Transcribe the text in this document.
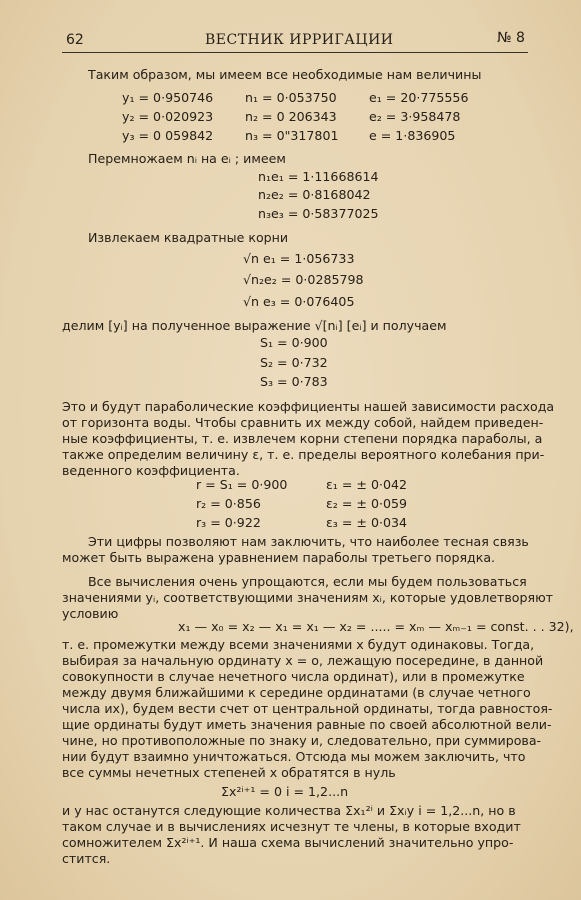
62	ВЕСТНИК ИРРИГАЦИИ	№ 8
Таким образом, мы имеем все необходимые нам величины
y₁ = 0·950746	n₁ = 0·053750	e₁ = 20·775556
y₂ = 0·020923	n₂ = 0 206343	e₂ = 3·958478
y₃ = 0 059842	n₃ = 0"317801 e = 1·836905
Перемножаем nᵢ на eᵢ ; имеем
n₁e₁ = 1·11668614
n₂e₂ = 0·8168042
n₃e₃ = 0·58377025
Извлекаем квадратные корни
√n e₁ = 1·056733
√n₂e₂ = 0·0285798
√n e₃ = 0·076405
делим [yᵢ] на полученное выражение √[nᵢ] [eᵢ] и получаем
S₁ = 0·900
S₂ = 0·732
S₃ = 0·783
Это и будут параболические коэффициенты нашей зависимости расхода
от горизонта воды. Чтобы сравнить их между собой, найдем приведен-
ные коэффициенты, т. е. извлечем корни степени порядка параболы, а
также определим величину ε, т. е. пределы вероятного колебания при-
веденного коэффициента.
r = S₁ = 0·900	ε₁ = ± 0·042
r₂ = 0·856	ε₂ = ± 0·059
r₃ = 0·922	ε₃ = ± 0·034
Эти цифры позволяют нам заключить, что наиболее тесная связь
может быть выражена уравнением параболы третьего порядка.
Все вычисления очень упрощаются, если мы будем пользоваться
значениями yᵢ, соответствующими значениям xᵢ, которые удовлетворяют
условию
x₁ — x₀ = x₂ — x₁ = x₁ — x₂ = ..... = xₘ — xₘ₋₁ = const. . . 32),
т. е. промежутки между всеми значениями x будут одинаковы. Тогда,
выбирая за начальную ординату x = o, лежащую посередине, в данной
совокупности в случае нечетного числа ординат), или в промежутке
между двумя ближайшими к середине ординатами (в случае четного
числа их), будем вести счет от центральной ординаты, тогда равностоя-
щие ординаты будут иметь значения равные по своей абсолютной вели-
чине, но противоположные по знаку и, следовательно, при суммирова-
нии будут взаимно уничтожаться. Отсюда мы можем заключить, что
все суммы нечетных степеней x обратятся в нуль
Σx²ⁱ⁺¹ = 0 i = 1,2...n
и у нас останутся следующие количества Σx₁²ⁱ и Σxᵢy i = 1,2...n, но в
таком случае и в вычислениях исчезнут те члены, в которые входит
сомножителем Σx²ⁱ⁺¹. И наша схема вычислений значительно упро-
стится.
